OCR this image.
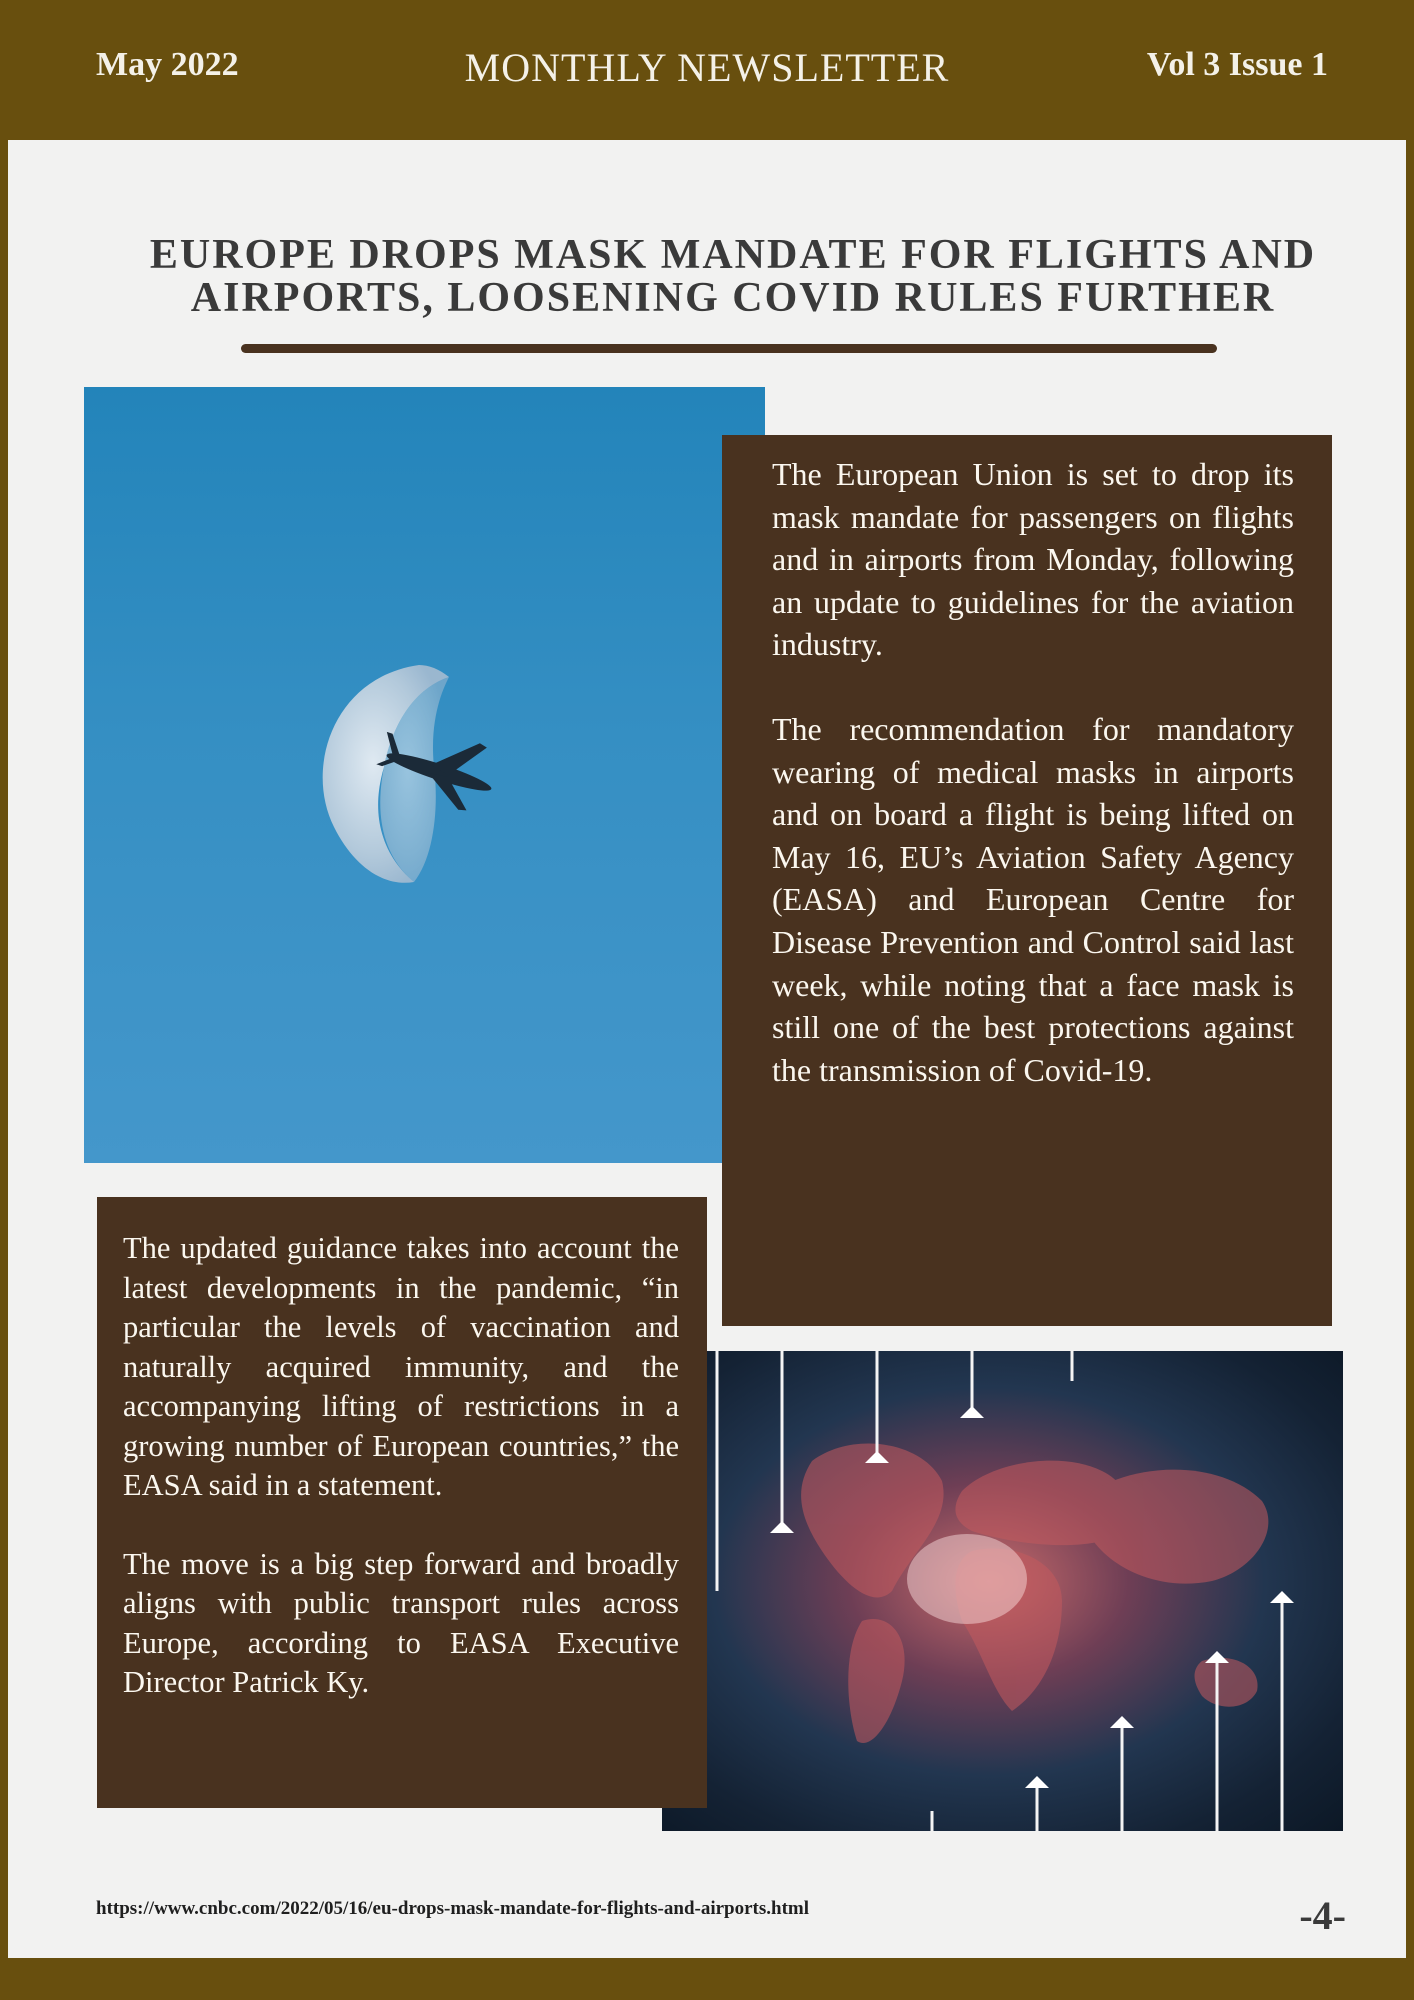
May 2022	MONTHLY NEWSLETTER	Vol 3 Issue 1
EUROPE DROPS MASK MANDATE FOR FLIGHTS AND AIRPORTS, LOOSENING COVID RULES FURTHER

The European Union is set to drop its mask mandate for passengers on flights and in airports from Monday, following an update to guidelines for the aviation industry.

The recommendation for mandatory wearing of medical masks in airports and on board a flight is being lifted on May 16, EU’s Aviation Safety Agency (EASA) and European Centre for Disease Prevention and Control said last week, while noting that a face mask is still one of the best protections against the transmission of Covid-19.

The updated guidance takes into account the latest developments in the pandemic, “in particular the levels of vaccination and naturally acquired immunity, and the accompanying lifting of restrictions in a growing number of European countries,” the EASA said in a statement.

The move is a big step forward and broadly aligns with public transport rules across Europe, according to EASA Executive Director Patrick Ky.

https://www.cnbc.com/2022/05/16/eu-drops-mask-mandate-for-flights-and-airports.html	-4-
